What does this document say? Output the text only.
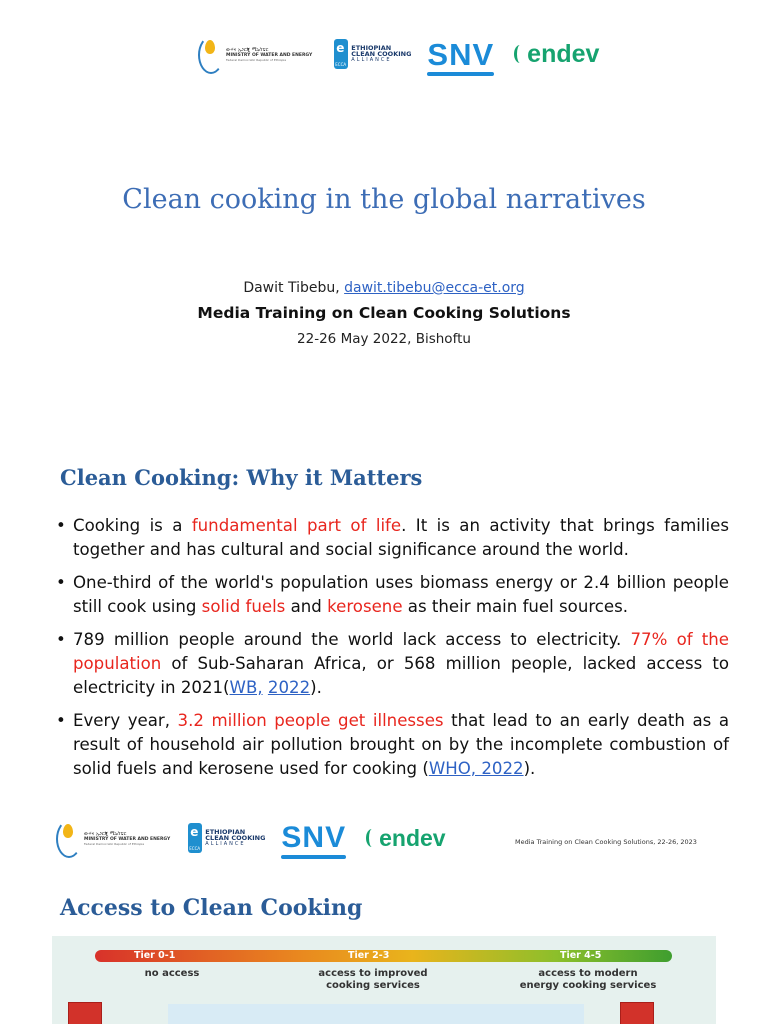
ውሃና ኢነርጂ ሚኒስቴር
MINISTRY OF WATER AND ENERGY
Federal Democratic Republic of Ethiopia
e
ECCA
ETHIOPIAN
CLEAN COOKING
ALLIANCE	SNV endev
Clean cooking in the global narratives
Dawit Tibebu, dawit.tibebu@ecca-et.org
Media Training on Clean Cooking Solutions
22-26 May 2022, Bishoftu
Clean Cooking: Why it Matters
• Cooking is a fundamental part of life. It is an activity that brings families together and has cultural and social significance around the world.
• One-third of the world's population uses biomass energy or 2.4 billion people still cook using solid fuels and kerosene as their main fuel sources.
• 789 million people around the world lack access to electricity. 77% of the population of Sub-Saharan Africa, or 568 million people, lacked access to electricity in 2021(WB, 2022).
• Every year, 3.2 million people get illnesses that lead to an early death as a result of household air pollution brought on by the incomplete combustion of solid fuels and kerosene used for cooking (WHO, 2022).
ውሃና ኢነርጂ ሚኒስቴር
MINISTRY OF WATER AND ENERGY
Federal Democratic Republic of Ethiopia
e
ECCA
ETHIOPIAN
CLEAN COOKING
ALLIANCE	SNV endev	Media Training on Clean Cooking Solutions, 22-26, 2023
Access to Clean Cooking
Tier 0-1	Tier 2-3	Tier 4-5
no access	access to improved
cooking services
access to modern
energy cooking services
